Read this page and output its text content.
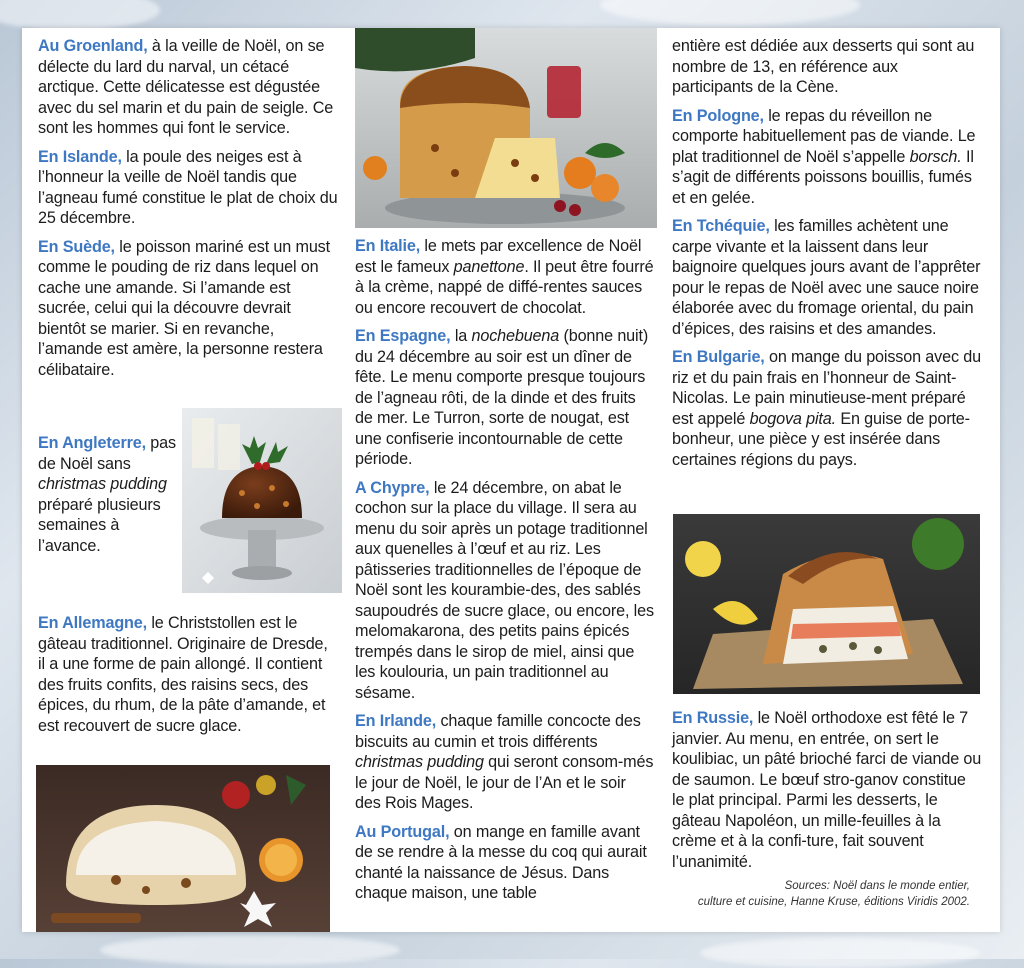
Au Groenland, à la veille de Noël, on se délecte du lard du narval, un cétacé arctique. Cette délicatesse est dégustée avec du sel marin et du pain de seigle. Ce sont les hommes qui font le service.

En Islande, la poule des neiges est à l’honneur la veille de Noël tandis que l’agneau fumé constitue le plat de choix du 25 décembre.

En Suède, le poisson mariné est un must comme le pouding de riz dans lequel on cache une amande. Si l’amande est sucrée, celui qui la découvre devrait bientôt se marier. Si en revanche, l’amande est amère, la personne restera célibataire.

En Angleterre, pas de Noël sans christmas pudding préparé plusieurs semaines à l’avance.

En Allemagne, le Christstollen est le gâteau traditionnel. Originaire de Dresde, il a une forme de pain allongé. Il contient des fruits confits, des raisins secs, des épices, du rhum, de la pâte d’amande, et est recouvert de sucre glace.

En Italie, le mets par excellence de Noël est le fameux panettone. Il peut être fourré à la crème, nappé de diffé-rentes sauces ou encore recouvert de chocolat.

En Espagne, la nochebuena (bonne nuit) du 24 décembre au soir est un dîner de fête. Le menu comporte presque toujours de l’agneau rôti, de la dinde et des fruits de mer. Le Turron, sorte de nougat, est une confiserie incontournable de cette période.

A Chypre, le 24 décembre, on abat le cochon sur la place du village. Il sera au menu du soir après un potage traditionnel aux quenelles à l’œuf et au riz. Les pâtisseries traditionnelles de l’époque de Noël sont les kourambie-des, des sablés saupoudrés de sucre glace, ou encore, les melomakarona, des petits pains épicés trempés dans le sirop de miel, ainsi que les koulouria, un pain traditionnel au sésame.

En Irlande, chaque famille concocte des biscuits au cumin et trois différents christmas pudding qui seront consom-més le jour de Noël, le jour de l’An et le soir des Rois Mages.

Au Portugal, on mange en famille avant de se rendre à la messe du coq qui aurait chanté la naissance de Jésus. Dans chaque maison, une table

entière est dédiée aux desserts qui sont au nombre de 13, en référence aux participants de la Cène.

En Pologne, le repas du réveillon ne comporte habituellement pas de viande. Le plat traditionnel de Noël s’appelle borsch. Il s’agit de différents poissons bouillis, fumés et en gelée.

En Tchéquie, les familles achètent une carpe vivante et la laissent dans leur baignoire quelques jours avant de l’apprêter pour le repas de Noël avec une sauce noire élaborée avec du fromage oriental, du pain d’épices, des raisins et des amandes.

En Bulgarie, on mange du poisson avec du riz et du pain frais en l’honneur de Saint-Nicolas. Le pain minutieuse-ment préparé est appelé bogova pita. En guise de porte-bonheur, une pièce y est insérée dans certaines régions du pays.

En Russie, le Noël orthodoxe est fêté le 7 janvier. Au menu, en entrée, on sert le koulibiac, un pâté brioché farci de viande ou de saumon. Le bœuf stro-ganov constitue le plat principal. Parmi les desserts, le gâteau Napoléon, un mille-feuilles à la crème et à la confi-ture, fait souvent l’unanimité.

Sources: Noël dans le monde entier,
culture et cuisine, Hanne Kruse, éditions Viridis 2002.
